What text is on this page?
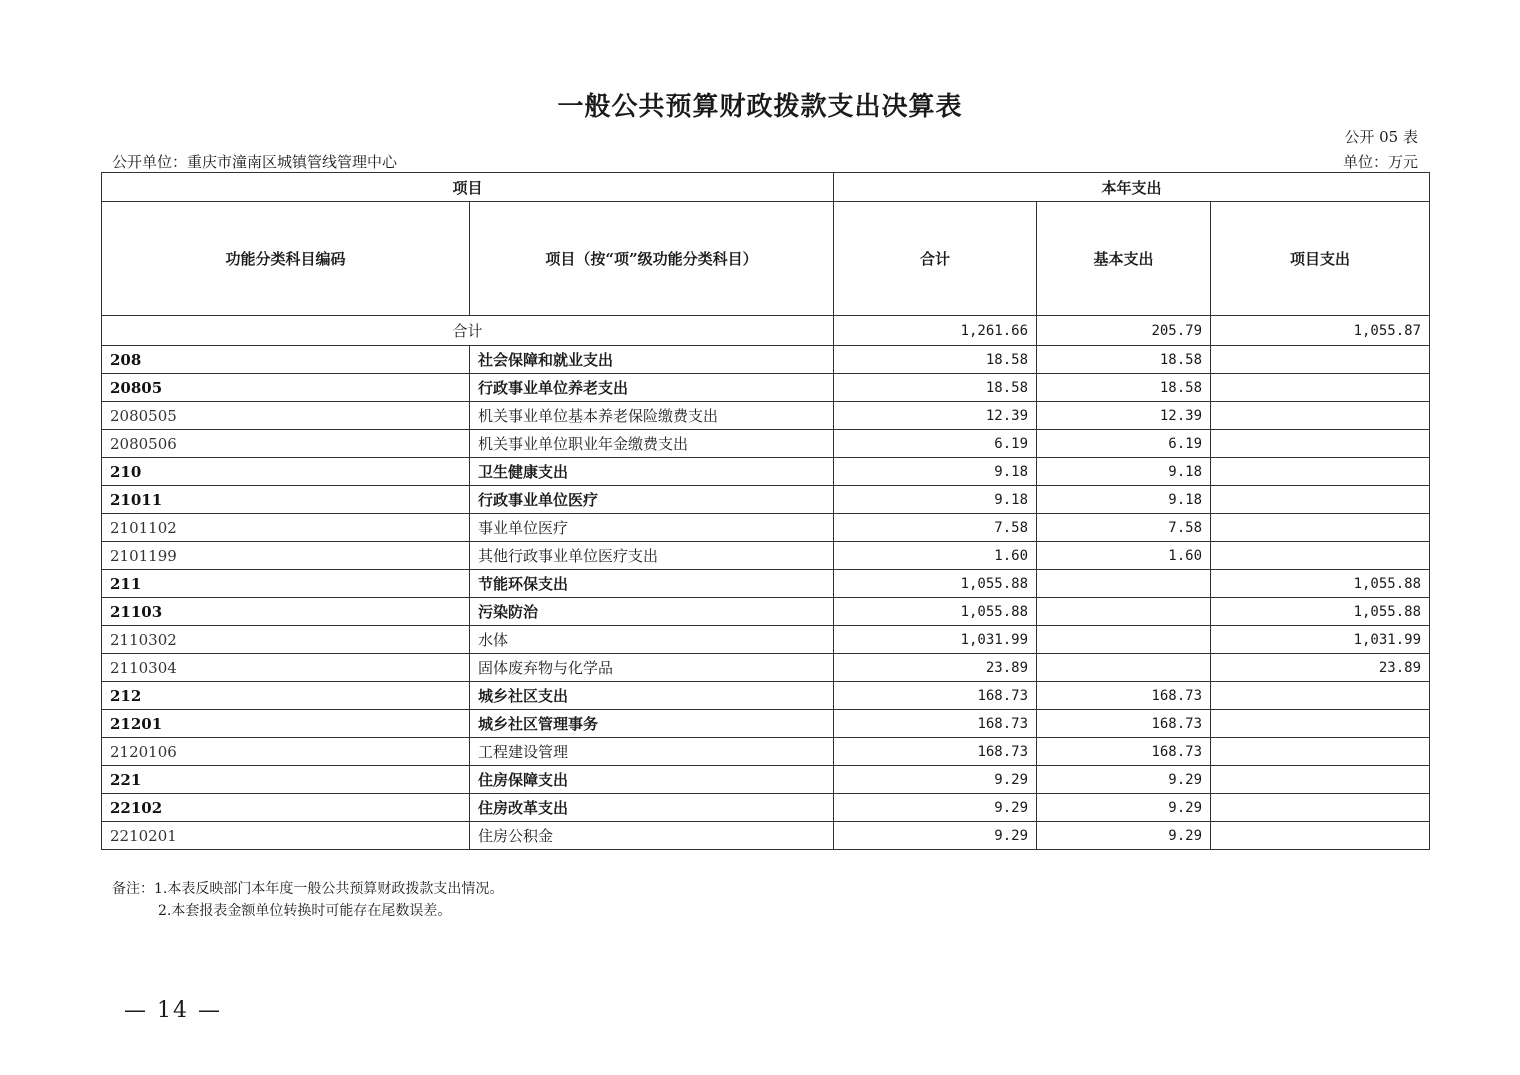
一般公共预算财政拨款支出决算表
公开 05 表
公开单位：重庆市潼南区城镇管线管理中心	单位：万元
项目		本年支出		
功能分类科目编码	项目（按“项”级功能分类科目）	合计	基本支出	项目支出
合计		1,261.66	205.79	1,055.87
208	社会保障和就业支出	18.58	18.58	
20805	行政事业单位养老支出	18.58	18.58	
2080505	机关事业单位基本养老保险缴费支出	12.39	12.39	
2080506	机关事业单位职业年金缴费支出	6.19	6.19	
210	卫生健康支出	9.18	9.18	
21011	行政事业单位医疗	9.18	9.18	
2101102	事业单位医疗	7.58	7.58	
2101199	其他行政事业单位医疗支出	1.60	1.60	
211	节能环保支出	1,055.88		1,055.88
21103	污染防治	1,055.88		1,055.88
2110302	水体	1,031.99		1,031.99
2110304	固体废弃物与化学品	23.89		23.89
212	城乡社区支出	168.73	168.73	
21201	城乡社区管理事务	168.73	168.73	
2120106	工程建设管理	168.73	168.73	
221	住房保障支出	9.29	9.29	
22102	住房改革支出	9.29	9.29	
2210201	住房公积金	9.29	9.29	
备注：1.本表反映部门本年度一般公共预算财政拨款支出情况。
2.本套报表金额单位转换时可能存在尾数误差。
— 14 —
